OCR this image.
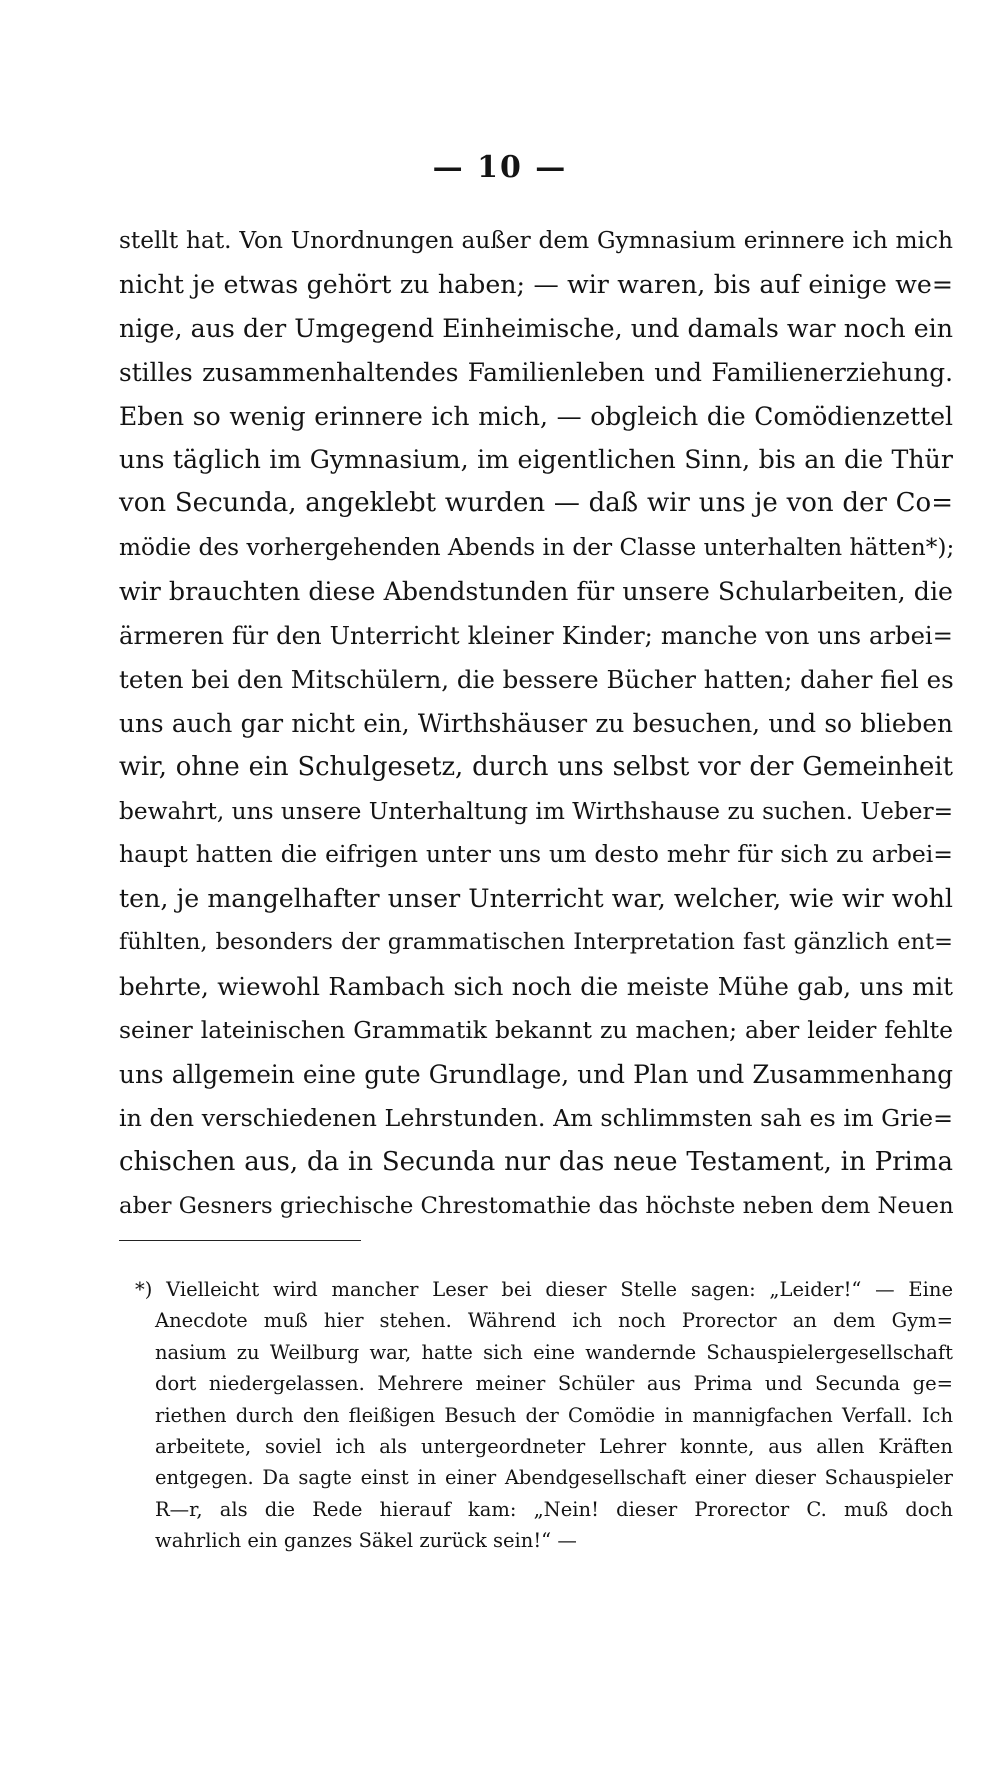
— 10 —
stellt hat. Von Unordnungen außer dem Gymnasium erinnere ich mich
nicht je etwas gehört zu haben; — wir waren, bis auf einige we=
nige, aus der Umgegend Einheimische, und damals war noch ein
stilles zusammenhaltendes Familienleben und Familienerziehung.
Eben so wenig erinnere ich mich, — obgleich die Comödienzettel
uns täglich im Gymnasium, im eigentlichen Sinn, bis an die Thür
von Secunda, angeklebt wurden — daß wir uns je von der Co=
mödie des vorhergehenden Abends in der Classe unterhalten hätten*);
wir brauchten diese Abendstunden für unsere Schularbeiten, die
ärmeren für den Unterricht kleiner Kinder; manche von uns arbei=
teten bei den Mitschülern, die bessere Bücher hatten; daher fiel es
uns auch gar nicht ein, Wirthshäuser zu besuchen, und so blieben
wir, ohne ein Schulgesetz, durch uns selbst vor der Gemeinheit
bewahrt, uns unsere Unterhaltung im Wirthshause zu suchen. Ueber=
haupt hatten die eifrigen unter uns um desto mehr für sich zu arbei=
ten, je mangelhafter unser Unterricht war, welcher, wie wir wohl
fühlten, besonders der grammatischen Interpretation fast gänzlich ent=
behrte, wiewohl Rambach sich noch die meiste Mühe gab, uns mit
seiner lateinischen Grammatik bekannt zu machen; aber leider fehlte
uns allgemein eine gute Grundlage, und Plan und Zusammenhang
in den verschiedenen Lehrstunden. Am schlimmsten sah es im Grie=
chischen aus, da in Secunda nur das neue Testament, in Prima
aber Gesners griechische Chrestomathie das höchste neben dem Neuen
*) Vielleicht wird mancher Leser bei dieser Stelle sagen: „Leider!“ — Eine
Anecdote muß hier stehen. Während ich noch Prorector an dem Gym=
nasium zu Weilburg war, hatte sich eine wandernde Schauspielergesellschaft
dort niedergelassen. Mehrere meiner Schüler aus Prima und Secunda ge=
riethen durch den fleißigen Besuch der Comödie in mannigfachen Verfall. Ich
arbeitete, soviel ich als untergeordneter Lehrer konnte, aus allen Kräften
entgegen. Da sagte einst in einer Abendgesellschaft einer dieser Schauspieler
R—r, als die Rede hierauf kam: „Nein! dieser Prorector C. muß doch
wahrlich ein ganzes Säkel zurück sein!“ —
